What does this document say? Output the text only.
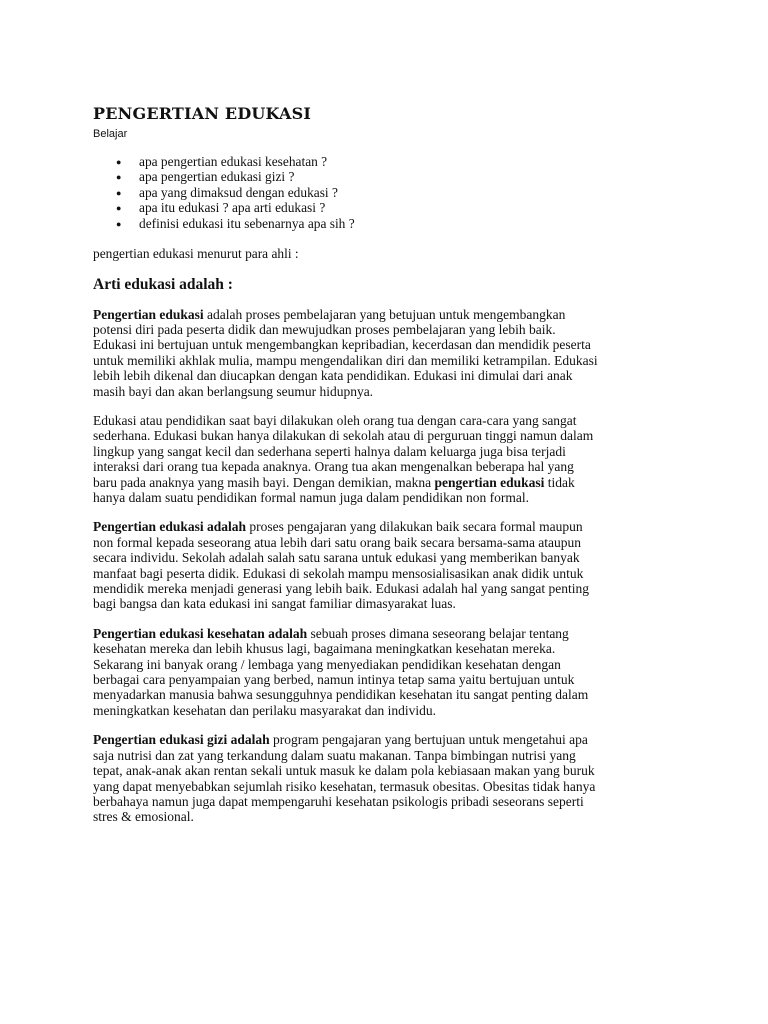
PENGERTIAN EDUKASI
Belajar
● apa pengertian edukasi kesehatan ?
● apa pengertian edukasi gizi ?
● apa yang dimaksud dengan edukasi ?
● apa itu edukasi ? apa arti edukasi ?
● definisi edukasi itu sebenarnya apa sih ?
pengertian edukasi menurut para ahli :
Arti edukasi adalah :

Pengertian edukasi adalah proses pembelajaran yang betujuan untuk mengembangkan
potensi diri pada peserta didik dan mewujudkan proses pembelajaran yang lebih baik.
Edukasi ini bertujuan untuk mengembangkan kepribadian, kecerdasan dan mendidik peserta
untuk memiliki akhlak mulia, mampu mengendalikan diri dan memiliki ketrampilan. Edukasi
lebih lebih dikenal dan diucapkan dengan kata pendidikan. Edukasi ini dimulai dari anak
masih bayi dan akan berlangsung seumur hidupnya.

Edukasi atau pendidikan saat bayi dilakukan oleh orang tua dengan cara-cara yang sangat
sederhana. Edukasi bukan hanya dilakukan di sekolah atau di perguruan tinggi namun dalam
lingkup yang sangat kecil dan sederhana seperti halnya dalam keluarga juga bisa terjadi
interaksi dari orang tua kepada anaknya. Orang tua akan mengenalkan beberapa hal yang
baru pada anaknya yang masih bayi. Dengan demikian, makna pengertian edukasi tidak
hanya dalam suatu pendidikan formal namun juga dalam pendidikan non formal.

Pengertian edukasi adalah proses pengajaran yang dilakukan baik secara formal maupun
non formal kepada seseorang atua lebih dari satu orang baik secara bersama-sama ataupun
secara individu. Sekolah adalah salah satu sarana untuk edukasi yang memberikan banyak
manfaat bagi peserta didik. Edukasi di sekolah mampu mensosialisasikan anak didik untuk
mendidik mereka menjadi generasi yang lebih baik. Edukasi adalah hal yang sangat penting
bagi bangsa dan kata edukasi ini sangat familiar dimasyarakat luas.

Pengertian edukasi kesehatan adalah sebuah proses dimana seseorang belajar tentang
kesehatan mereka dan lebih khusus lagi, bagaimana meningkatkan kesehatan mereka.
Sekarang ini banyak orang / lembaga yang menyediakan pendidikan kesehatan dengan
berbagai cara penyampaian yang berbed, namun intinya tetap sama yaitu bertujuan untuk
menyadarkan manusia bahwa sesungguhnya pendidikan kesehatan itu sangat penting dalam
meningkatkan kesehatan dan perilaku masyarakat dan individu.

Pengertian edukasi gizi adalah program pengajaran yang bertujuan untuk mengetahui apa
saja nutrisi dan zat yang terkandung dalam suatu makanan. Tanpa bimbingan nutrisi yang
tepat, anak-anak akan rentan sekali untuk masuk ke dalam pola kebiasaan makan yang buruk
yang dapat menyebabkan sejumlah risiko kesehatan, termasuk obesitas. Obesitas tidak hanya
berbahaya namun juga dapat mempengaruhi kesehatan psikologis pribadi seseorans seperti
stres & emosional.
